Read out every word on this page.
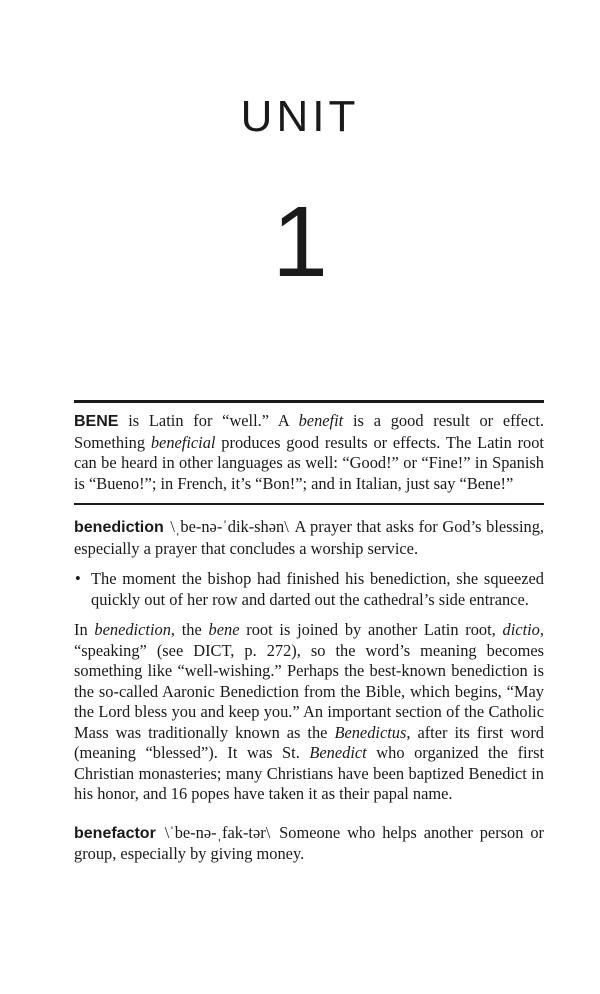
UNIT
1
BENE is Latin for “well.” A benefit is a good result or effect. Something beneficial produces good results or effects. The Latin root can be heard in other languages as well: “Good!” or “Fine!” in Spanish is “Bueno!”; in French, it’s “Bon!”; and in Italian, just say “Bene!”
benediction \ˌbe-nə-ˈdik-shən\ A prayer that asks for God’s blessing, especially a prayer that concludes a worship service.
• The moment the bishop had finished his benediction, she squeezed quickly out of her row and darted out the cathedral’s side entrance.
In benediction, the bene root is joined by another Latin root, dictio, “speaking” (see DICT, p. 272), so the word’s meaning becomes something like “well-wishing.” Perhaps the best-known benediction is the so-called Aaronic Benediction from the Bible, which begins, “May the Lord bless you and keep you.” An important section of the Catholic Mass was traditionally known as the Benedictus, after its first word (meaning “blessed”). It was St. Benedict who organized the first Christian monasteries; many Christians have been baptized Benedict in his honor, and 16 popes have taken it as their papal name.
benefactor \ˈbe-nə-ˌfak-tər\ Someone who helps another person or group, especially by giving money.
